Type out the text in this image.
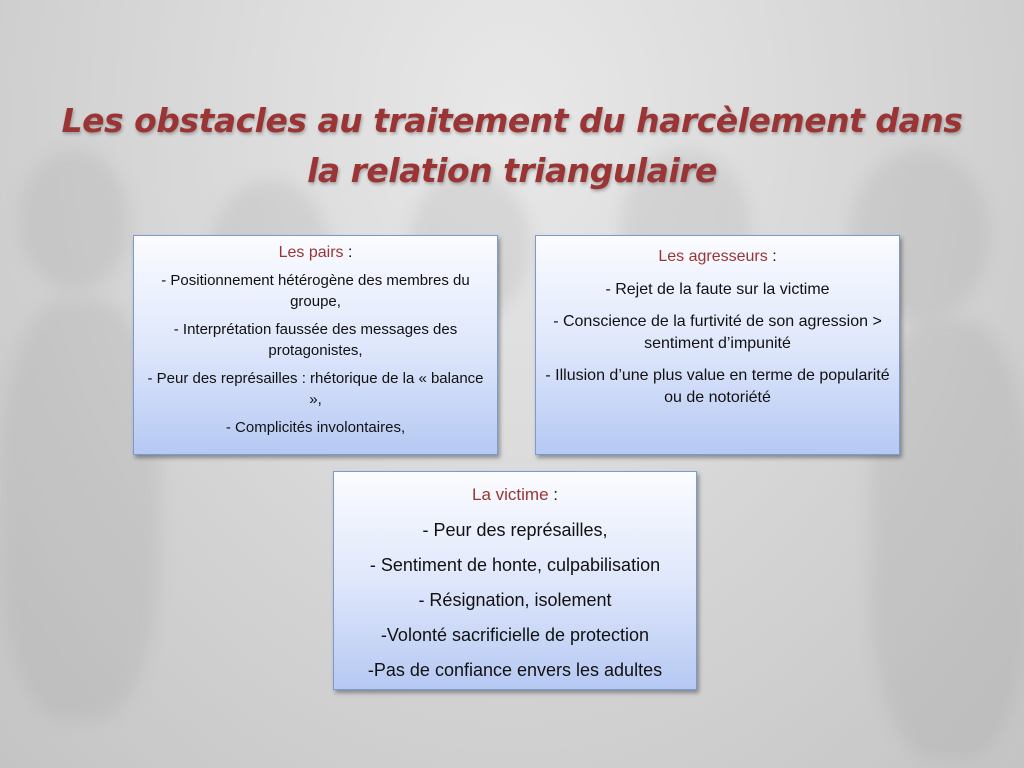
Les obstacles au traitement du harcèlement dans la relation triangulaire

Les pairs :

- Positionnement hétérogène des membres du groupe,

- Interprétation faussée des messages des protagonistes,

- Peur des représailles : rhétorique de la « balance »,

- Complicités involontaires,

Les agresseurs :

- Rejet de la faute sur la victime

- Conscience de la furtivité de son agression > sentiment d’impunité

- Illusion d’une plus value en terme de popularité ou de notoriété

La victime :

- Peur des représailles,

- Sentiment de honte, culpabilisation

- Résignation, isolement

-Volonté sacrificielle de protection

-Pas de confiance envers les adultes
